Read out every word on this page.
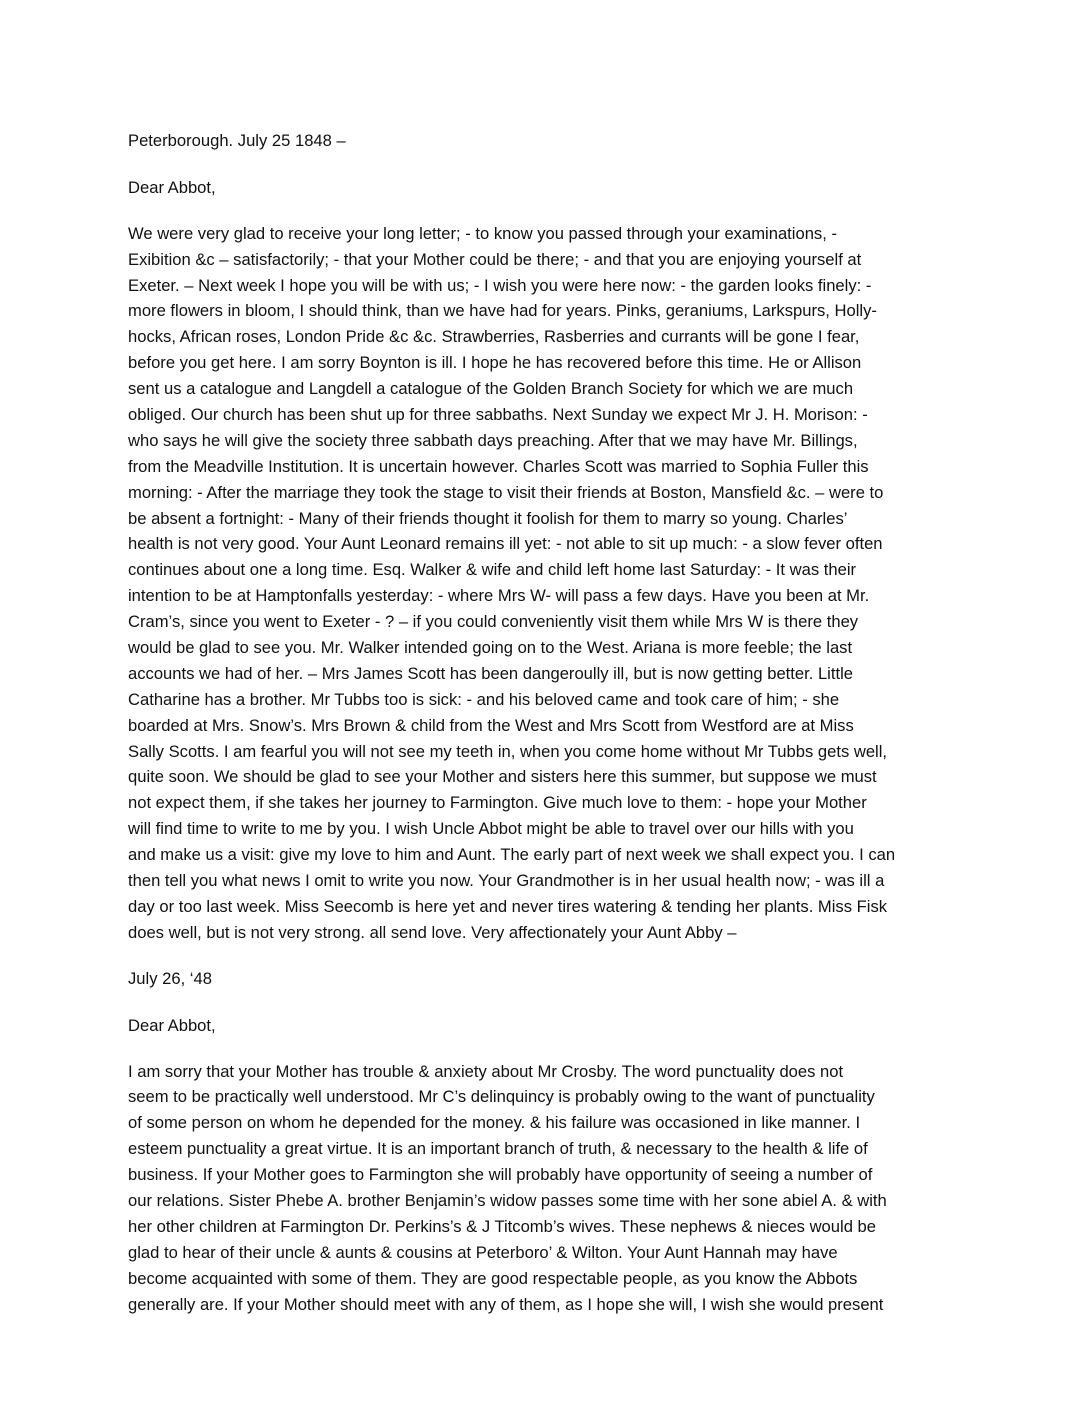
Peterborough. July 25 1848 –
Dear Abbot,
We were very glad to receive your long letter; - to know you passed through your examinations, -
Exibition &c – satisfactorily; - that your Mother could be there; - and that you are enjoying yourself at
Exeter. – Next week I hope you will be with us; - I wish you were here now: - the garden looks finely: -
more flowers in bloom, I should think, than we have had for years. Pinks, geraniums, Larkspurs, Holly-
hocks, African roses, London Pride &c &c. Strawberries, Rasberries and currants will be gone I fear,
before you get here. I am sorry Boynton is ill. I hope he has recovered before this time. He or Allison
sent us a catalogue and Langdell a catalogue of the Golden Branch Society for which we are much
obliged. Our church has been shut up for three sabbaths. Next Sunday we expect Mr J. H. Morison: -
who says he will give the society three sabbath days preaching. After that we may have Mr. Billings,
from the Meadville Institution. It is uncertain however. Charles Scott was married to Sophia Fuller this
morning: - After the marriage they took the stage to visit their friends at Boston, Mansfield &c. – were to
be absent a fortnight: - Many of their friends thought it foolish for them to marry so young. Charles’
health is not very good. Your Aunt Leonard remains ill yet: - not able to sit up much: - a slow fever often
continues about one a long time. Esq. Walker & wife and child left home last Saturday: - It was their
intention to be at Hamptonfalls yesterday: - where Mrs W- will pass a few days. Have you been at Mr.
Cram’s, since you went to Exeter - ? – if you could conveniently visit them while Mrs W is there they
would be glad to see you. Mr. Walker intended going on to the West. Ariana is more feeble; the last
accounts we had of her. – Mrs James Scott has been dangeroully ill, but is now getting better. Little
Catharine has a brother. Mr Tubbs too is sick: - and his beloved came and took care of him; - she
boarded at Mrs. Snow’s. Mrs Brown & child from the West and Mrs Scott from Westford are at Miss
Sally Scotts. I am fearful you will not see my teeth in, when you come home without Mr Tubbs gets well,
quite soon. We should be glad to see your Mother and sisters here this summer, but suppose we must
not expect them, if she takes her journey to Farmington. Give much love to them: - hope your Mother
will find time to write to me by you. I wish Uncle Abbot might be able to travel over our hills with you
and make us a visit: give my love to him and Aunt. The early part of next week we shall expect you. I can
then tell you what news I omit to write you now. Your Grandmother is in her usual health now; - was ill a
day or too last week. Miss Seecomb is here yet and never tires watering & tending her plants. Miss Fisk
does well, but is not very strong. all send love. Very affectionately your Aunt Abby –
July 26, ‘48
Dear Abbot,
I am sorry that your Mother has trouble & anxiety about Mr Crosby. The word punctuality does not
seem to be practically well understood. Mr C’s delinquincy is probably owing to the want of punctuality
of some person on whom he depended for the money. & his failure was occasioned in like manner. I
esteem punctuality a great virtue. It is an important branch of truth, & necessary to the health & life of
business. If your Mother goes to Farmington she will probably have opportunity of seeing a number of
our relations. Sister Phebe A. brother Benjamin’s widow passes some time with her sone abiel A. & with
her other children at Farmington Dr. Perkins’s & J Titcomb’s wives. These nephews & nieces would be
glad to hear of their uncle & aunts & cousins at Peterboro’ & Wilton. Your Aunt Hannah may have
become acquainted with some of them. They are good respectable people, as you know the Abbots
generally are. If your Mother should meet with any of them, as I hope she will, I wish she would present
